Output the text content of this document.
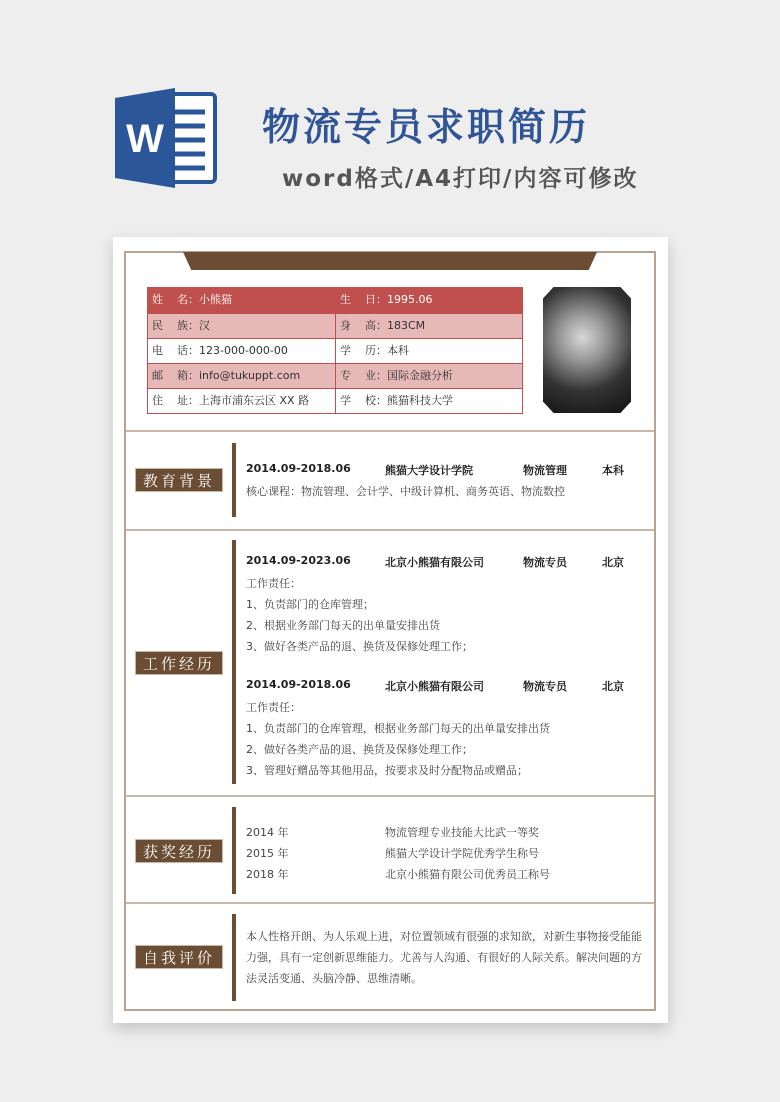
W	物流专员求职简历
word格式/A4打印/内容可修改
姓    名：小熊猫	生    日：1995.06
民    族：汉	身    高：183CM
电    话：123-000-000-00	学    历：本科
邮    箱：info@tukuppt.com	专    业：国际金融分析
住    址：上海市浦东云区 XX 路	学    校：熊猫科技大学
教育背景
2014.09-2018.06	熊猫大学设计学院	物流管理	本科
核心课程：物流管理、会计学、中级计算机、商务英语、物流数控
工作经历
2014.09-2023.06	北京小熊猫有限公司	物流专员	北京
工作责任：
1、负责部门的仓库管理；
2、根据业务部门每天的出单量安排出货
3、做好各类产品的退、换货及保修处理工作；
2014.09-2018.06	北京小熊猫有限公司	物流专员	北京
工作责任：
1、负责部门的仓库管理，根据业务部门每天的出单量安排出货
2、做好各类产品的退、换货及保修处理工作；
3、管理好赠品等其他用品，按要求及时分配物品或赠品；
获奖经历
2014 年	物流管理专业技能大比武一等奖
2015 年	熊猫大学设计学院优秀学生称号
2018 年	北京小熊猫有限公司优秀员工称号
自我评价
本人性格开朗、为人乐观上进，对位置领域有很强的求知欲，对新生事物接受能能力强，具有一定创新思维能力。尤善与人沟通、有很好的人际关系。解决问题的方法灵活变通、头脑冷静、思维清晰。
